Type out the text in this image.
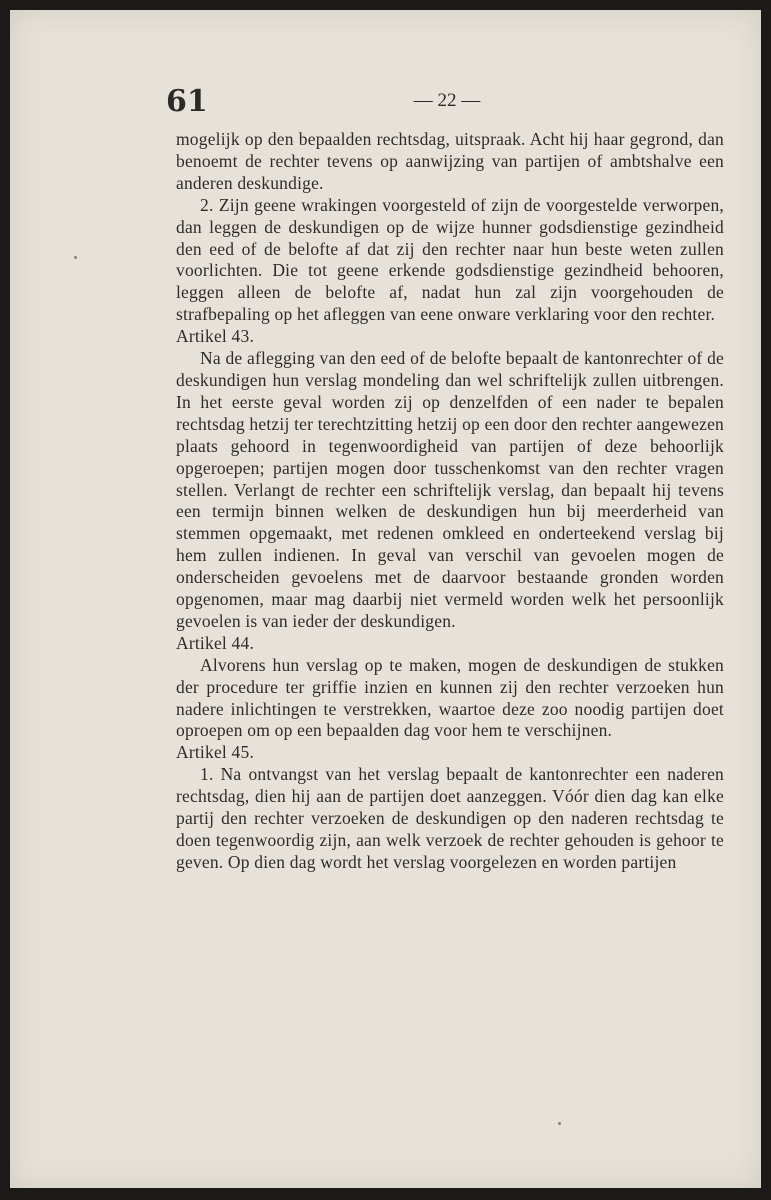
61	— 22 —

mogelijk op den bepaalden rechtsdag, uitspraak. Acht hij haar gegrond, dan benoemt de rechter tevens op aanwijzing van partijen of ambtshalve een anderen deskundige.

2. Zijn geene wrakingen voorgesteld of zijn de voorgestelde verworpen, dan leggen de deskundigen op de wijze hunner godsdienstige gezindheid den eed of de belofte af dat zij den rechter naar hun beste weten zullen voorlichten. Die tot geene erkende godsdienstige gezindheid behooren, leggen alleen de belofte af, nadat hun zal zijn voorgehouden de strafbepaling op het afleggen van eene onware verklaring voor den rechter.

Artikel 43.

Na de aflegging van den eed of de belofte bepaalt de kantonrechter of de deskundigen hun verslag mondeling dan wel schriftelijk zullen uitbrengen. In het eerste geval worden zij op denzelfden of een nader te bepalen rechtsdag hetzij ter terechtzitting hetzij op een door den rechter aangewezen plaats gehoord in tegenwoordigheid van partijen of deze behoorlijk opgeroepen; partijen mogen door tusschenkomst van den rechter vragen stellen. Verlangt de rechter een schriftelijk verslag, dan bepaalt hij tevens een termijn binnen welken de deskundigen hun bij meerderheid van stemmen opgemaakt, met redenen omkleed en onderteekend verslag bij hem zullen indienen. In geval van verschil van gevoelen mogen de onderscheiden gevoelens met de daarvoor bestaande gronden worden opgenomen, maar mag daarbij niet vermeld worden welk het persoonlijk gevoelen is van ieder der deskundigen.

Artikel 44.

Alvorens hun verslag op te maken, mogen de deskundigen de stukken der procedure ter griffie inzien en kunnen zij den rechter verzoeken hun nadere inlichtingen te verstrekken, waartoe deze zoo noodig partijen doet oproepen om op een bepaalden dag voor hem te verschijnen.

Artikel 45.

1. Na ontvangst van het verslag bepaalt de kantonrechter een naderen rechtsdag, dien hij aan de partijen doet aanzeggen. Vóór dien dag kan elke partij den rechter verzoeken de deskundigen op den naderen rechtsdag te doen tegenwoordig zijn, aan welk verzoek de rechter gehouden is gehoor te geven. Op dien dag wordt het verslag voorgelezen en worden partijen
